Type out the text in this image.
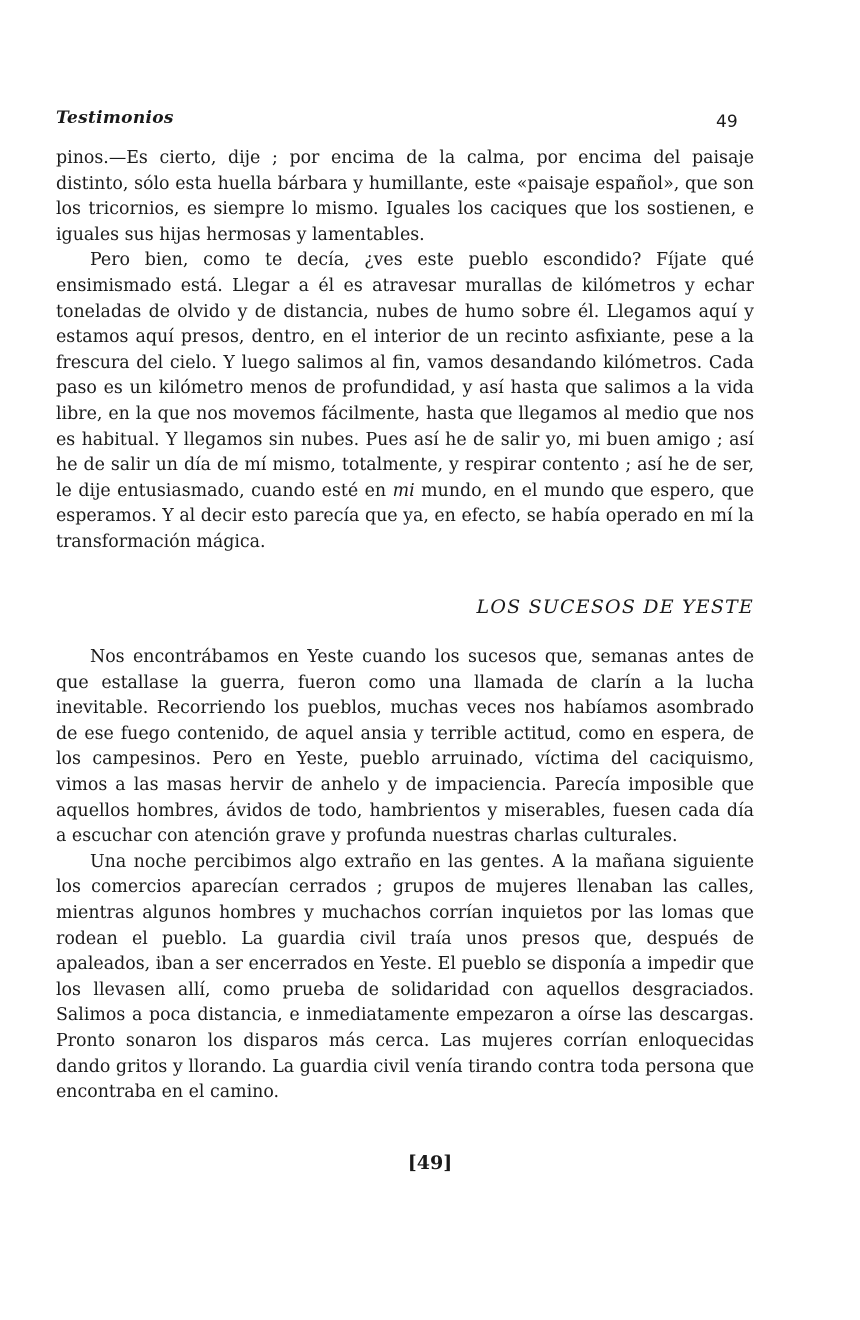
Testimonios	49

pinos.—Es cierto, dije ; por encima de la calma, por encima del paisaje distinto, sólo esta huella bárbara y humillante, este «paisaje español», que son los tricornios, es siempre lo mismo. Iguales los caciques que los sostienen, e iguales sus hijas hermosas y lamentables.

Pero bien, como te decía, ¿ves este pueblo escondido? Fíjate qué ensimismado está. Llegar a él es atravesar murallas de kilómetros y echar toneladas de olvido y de distancia, nubes de humo sobre él. Llegamos aquí y estamos aquí presos, dentro, en el interior de un recinto asfixiante, pese a la frescura del cielo. Y luego salimos al fin, vamos desandando kilómetros. Cada paso es un kilómetro menos de profundidad, y así hasta que salimos a la vida libre, en la que nos movemos fácilmente, hasta que llegamos al medio que nos es habitual. Y llegamos sin nubes. Pues así he de salir yo, mi buen amigo ; así he de salir un día de mí mismo, totalmente, y respirar contento ; así he de ser, le dije entusiasmado, cuando esté en mi mundo, en el mundo que espero, que esperamos. Y al decir esto parecía que ya, en efecto, se había operado en mí la transformación mágica.

LOS SUCESOS DE YESTE

Nos encontrábamos en Yeste cuando los sucesos que, semanas antes de que estallase la guerra, fueron como una llamada de clarín a la lucha inevitable. Recorriendo los pueblos, muchas veces nos habíamos asombrado de ese fuego contenido, de aquel ansia y terrible actitud, como en espera, de los campesinos. Pero en Yeste, pueblo arruinado, víctima del caciquismo, vimos a las masas hervir de anhelo y de impaciencia. Parecía imposible que aquellos hombres, ávidos de todo, hambrientos y miserables, fuesen cada día a escuchar con atención grave y profunda nuestras charlas culturales.

Una noche percibimos algo extraño en las gentes. A la mañana siguiente los comercios aparecían cerrados ; grupos de mujeres llenaban las calles, mientras algunos hombres y muchachos corrían inquietos por las lomas que rodean el pueblo. La guardia civil traía unos presos que, después de apaleados, iban a ser encerrados en Yeste. El pueblo se disponía a impedir que los llevasen allí, como prueba de solidaridad con aquellos desgraciados. Salimos a poca distancia, e inmediatamente empezaron a oírse las descargas. Pronto sonaron los disparos más cerca. Las mujeres corrían enloquecidas dando gritos y llorando. La guardia civil venía tirando contra toda persona que encontraba en el camino.

[49]
